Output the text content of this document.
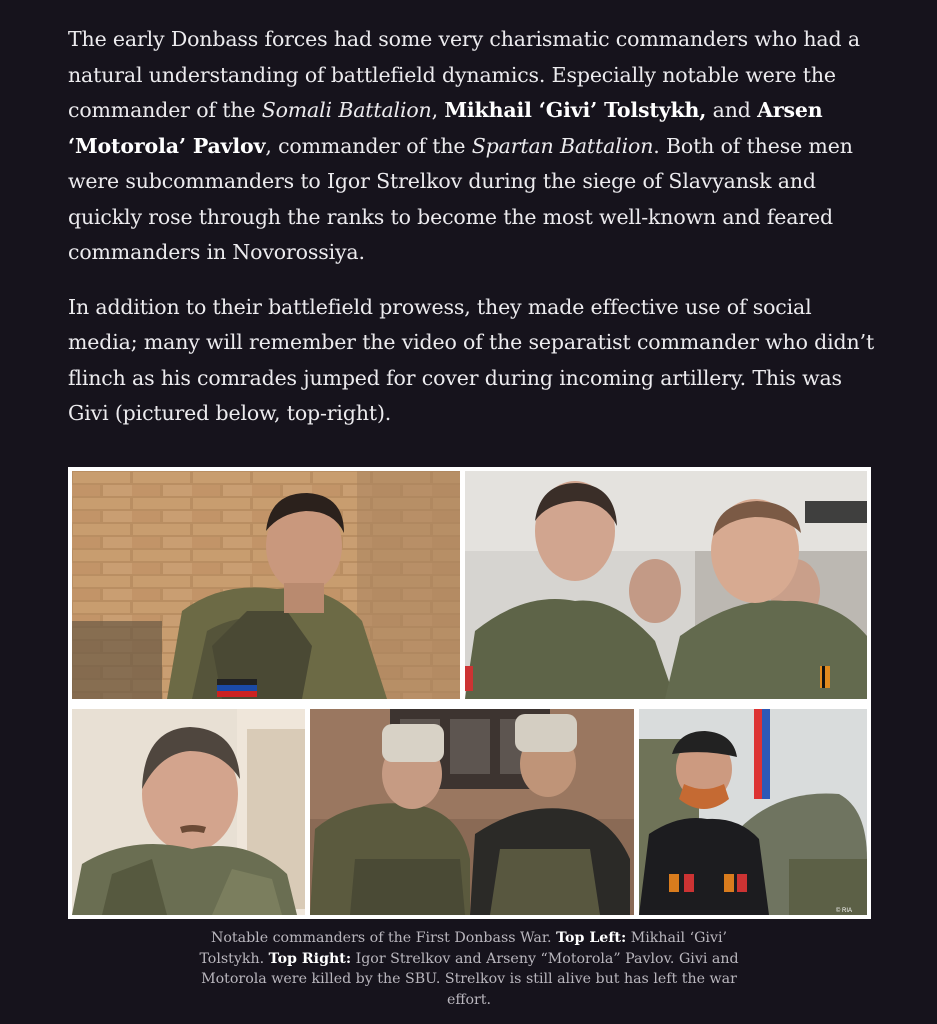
The early Donbass forces had some very charismatic commanders who had a natural understanding of battlefield dynamics. Especially notable were the commander of the Somali Battalion, Mikhail ‘Givi’ Tolstykh, and Arsen ‘Motorola’ Pavlov, commander of the Spartan Battalion. Both of these men were subcommanders to Igor Strelkov during the siege of Slavyansk and quickly rose through the ranks to become the most well-known and feared commanders in Novorossiya.

In addition to their battlefield prowess, they made effective use of social media; many will remember the video of the separatist commander who didn’t flinch as his comrades jumped for cover during incoming artillery. This was Givi (pictured below, top-right).

© RIA
Notable commanders of the First Donbass War. Top Left: Mikhail ‘Givi’ Tolstykh. Top Right: Igor Strelkov and Arseny “Motorola” Pavlov. Givi and Motorola were killed by the SBU. Strelkov is still alive but has left the war effort.
